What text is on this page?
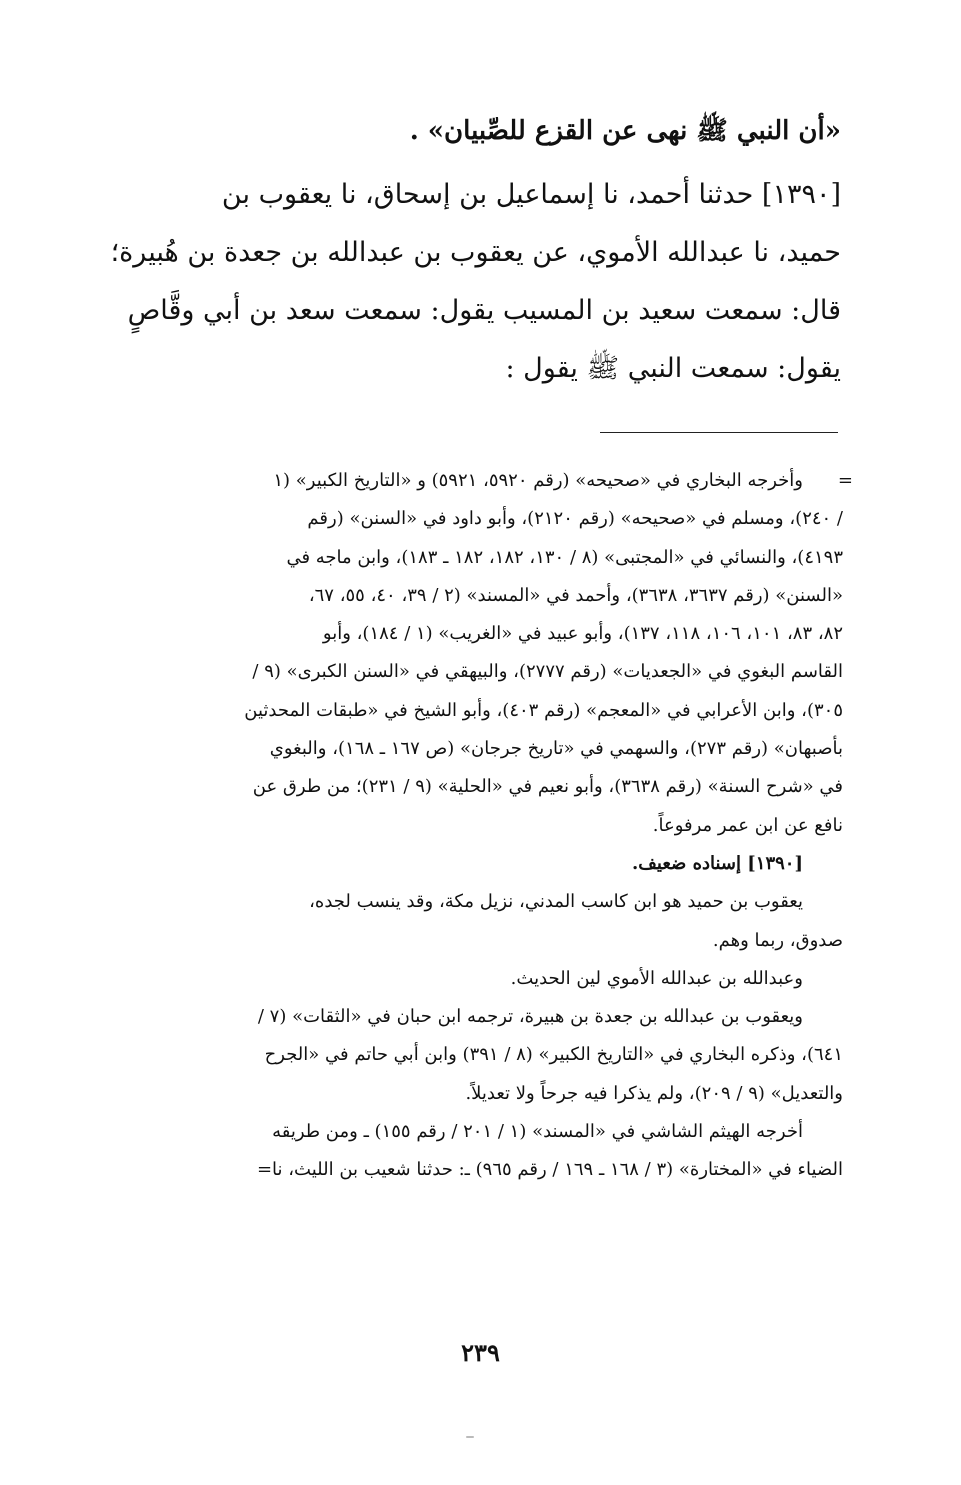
«أن النبي ﷺ نهى عن القزع للصِّبيان» .
[١٣٩٠] حدثنا أحمد، نا إسماعيل بن إسحاق، نا يعقوب بن
حميد، نا عبدالله الأموي، عن يعقوب بن عبدالله بن جعدة بن هُبيرة؛
قال: سمعت سعيد بن المسيب يقول: سمعت سعد بن أبي وقَّاصٍ
يقول: سمعت النبي ﷺ يقول :
=
وأخرجه البخاري في «صحيحه» (رقم ٥٩٢٠، ٥٩٢١) و «التاريخ الكبير» (١
/ ٢٤٠)، ومسلم في «صحيحه» (رقم ٢١٢٠)، وأبو داود في «السنن» (رقم
٤١٩٣)، والنسائي في «المجتبى» (٨ / ١٣٠، ١٨٢، ١٨٢ ـ ١٨٣)، وابن ماجه في
«السنن» (رقم ٣٦٣٧، ٣٦٣٨)، وأحمد في «المسند» (٢ / ٣٩، ٤٠، ٥٥، ٦٧،
٨٢، ٨٣، ١٠١، ١٠٦، ١١٨، ١٣٧)، وأبو عبيد في «الغريب» (١ / ١٨٤)، وأبو
القاسم البغوي في «الجعديات» (رقم ٢٧٧٧)، والبيهقي في «السنن الكبرى» (٩ /
٣٠٥)، وابن الأعرابي في «المعجم» (رقم ٤٠٣)، وأبو الشيخ في «طبقات المحدثين
بأصبهان» (رقم ٢٧٣)، والسهمي في «تاريخ جرجان» (ص ١٦٧ ـ ١٦٨)، والبغوي
في «شرح السنة» (رقم ٣٦٣٨)، وأبو نعيم في «الحلية» (٩ / ٢٣١)؛ من طرق عن
نافع عن ابن عمر مرفوعاً.
[١٣٩٠] إسناده ضعيف.
يعقوب بن حميد هو ابن كاسب المدني، نزيل مكة، وقد ينسب لجده،
صدوق، ربما وهم.
وعبدالله بن عبدالله الأموي لين الحديث.
ويعقوب بن عبدالله بن جعدة بن هبيرة، ترجمه ابن حبان في «الثقات» (٧ /
٦٤١)، وذكره البخاري في «التاريخ الكبير» (٨ / ٣٩١) وابن أبي حاتم في «الجرح
والتعديل» (٩ / ٢٠٩)، ولم يذكرا فيه جرحاً ولا تعديلاً.
أخرجه الهيثم الشاشي في «المسند» (١ / ٢٠١ / رقم ١٥٥) ـ ومن طريقه
الضياء في «المختارة» (٣ / ١٦٨ ـ ١٦٩ / رقم ٩٦٥) ـ: حدثنا شعيب بن الليث، نا=
٢٣٩
